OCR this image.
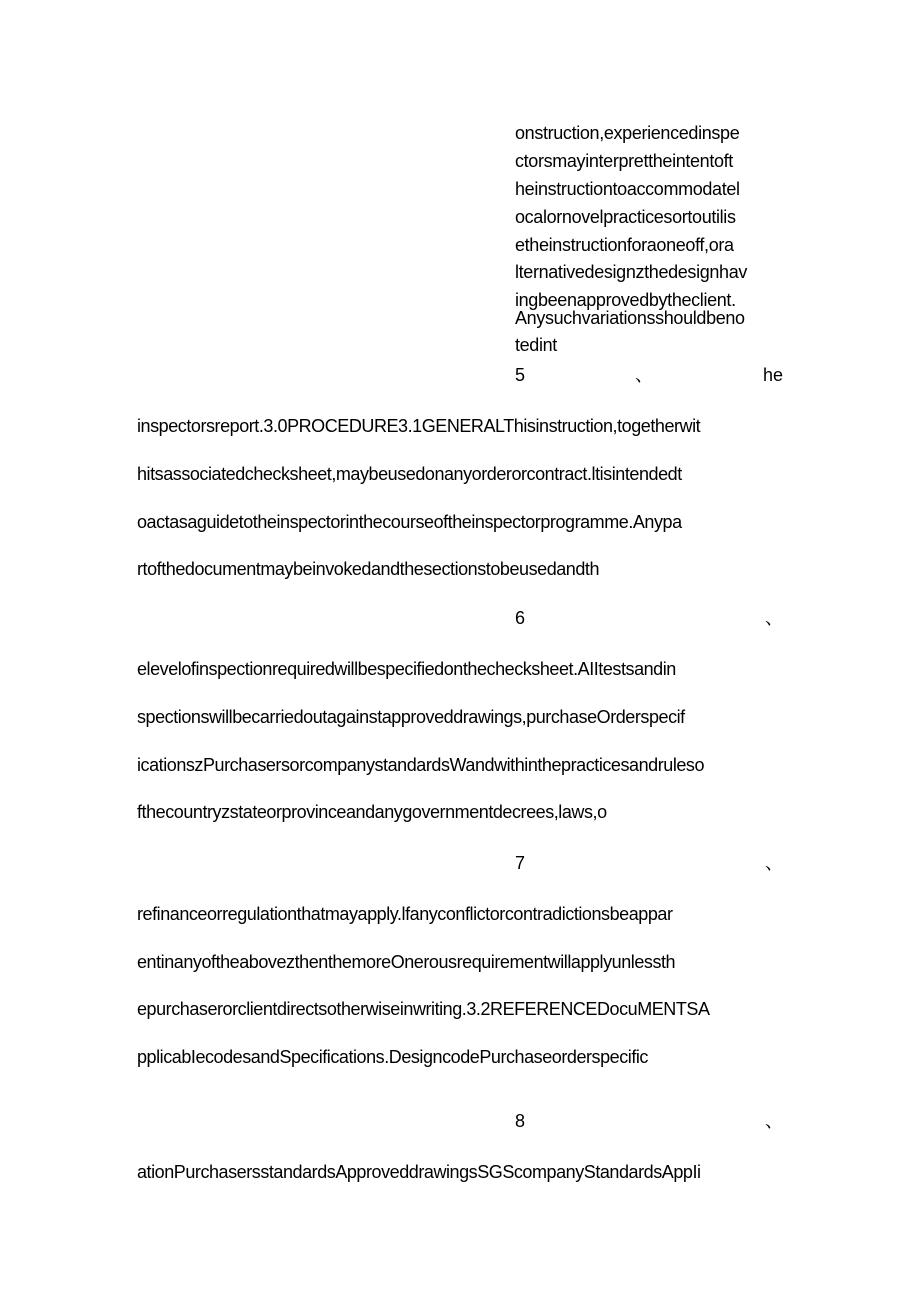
onstruction,experiencedinspe

ctorsmayinterprettheintentoft

heinstructiontoaccommodatel

ocalornovelpracticesortoutilis

etheinstructionforaoneoff,ora

lternativedesignᴢthedesignhav

ingbeenapprovedbytheclient.

Anysuchvariationsshouldbeno

tedint

5	、	he

inspectorsreport.3.0PROCEDURE3.1GENERALThisinstruction,togetherwit

hitsassociatedchecksheet,maybeusedonanyorderorcontract.ltisintendedt

oactasaguidetotheinspectorinthecourseoftheinspectorprogramme.Anypa

rtofthedocumentmaybeinvokedandthesectionstobeusedandth

6	、

elevelofinspectionrequiredwillbespecifiedonthechecksheet.AIItestsandin

spectionswillbecarriedoutagainstapproveddrawings,purchaseOrderspecif

icationsᴢPurchasersorcompanystandardsWandwithinthepracticesandruleso

fthecountryᴢstateorprovinceandanygovernmentdecrees,laws,o

7	、

refinanceorregulationthatmayapply.lfanyconflictorcontradictionsbeappar

entinanyoftheaboveᴢthenthemoreOnerousrequirementwillapplyunlessth

epurchaserorclientdirectsotherwiseinwriting.3.2REFERENCEDocuMENTSA

pplicabIecodesandSpecifications.DesigncodePurchaseorderspecific

8	、

ationPurchasersstandardsApproveddrawingsSGScompanyStandardsAppIi
